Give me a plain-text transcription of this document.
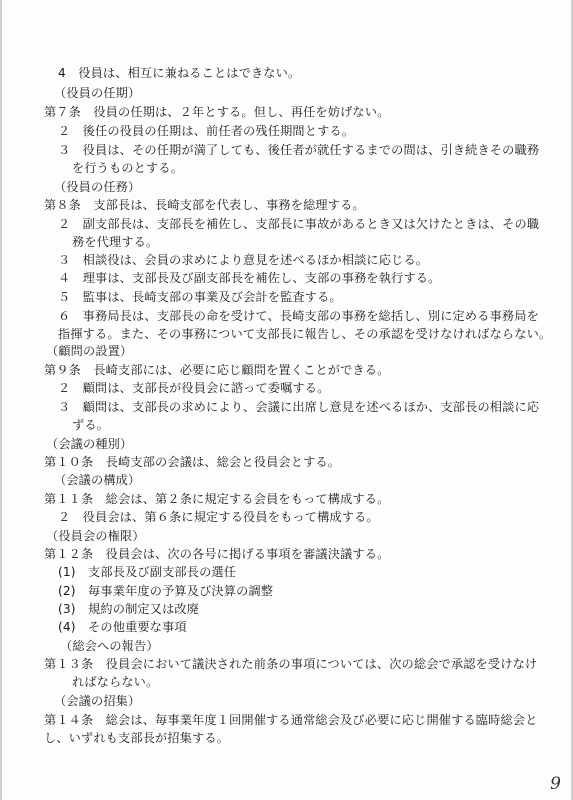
4　役員は、相互に兼ねることはできない。
（役員の任期）
第７条　役員の任期は、２年とする。但し、再任を妨げない。
２　後任の役員の任期は、前任者の残任期間とする。
３　役員は、その任期が満了しても、後任者が就任するまでの間は、引き続きその職務
を行うものとする。
（役員の任務）
第８条　支部長は、長崎支部を代表し、事務を総理する。
２　副支部長は、支部長を補佐し、支部長に事故があるとき又は欠けたときは、その職
務を代理する。
３　相談役は、会員の求めにより意見を述べるほか相談に応じる。
４　理事は、支部長及び副支部長を補佐し、支部の事務を執行する。
５　監事は、長崎支部の事業及び会計を監査する。
６　事務局長は、支部長の命を受けて、長崎支部の事務を総括し、別に定める事務局を
指揮する。また、その事務について支部長に報告し、その承認を受けなければならない。
（顧問の設置）
第９条　長崎支部には、必要に応じ顧問を置くことができる。
２　顧問は、支部長が役員会に諮って委嘱する。
３　顧問は、支部長の求めにより、会議に出席し意見を述べるほか、支部長の相談に応
ずる。
（会議の種別）
第１０条　長崎支部の会議は、総会と役員会とする。
（会議の構成）
第１１条　総会は、第２条に規定する会員をもって構成する。
２　役員会は、第６条に規定する役員をもって構成する。
（役員会の権限）
第１２条　役員会は、次の各号に掲げる事項を審議決議する。
(1)　支部長及び副支部長の選任
(2)　毎事業年度の予算及び決算の調整
(3)　規約の制定又は改廃
(4)　その他重要な事項
（総会への報告）
第１３条　役員会において議決された前条の事項については、次の総会で承認を受けなけ
ればならない。
（会議の招集）
第１４条　総会は、毎事業年度１回開催する通常総会及び必要に応じ開催する臨時総会と
し、いずれも支部長が招集する。
9
